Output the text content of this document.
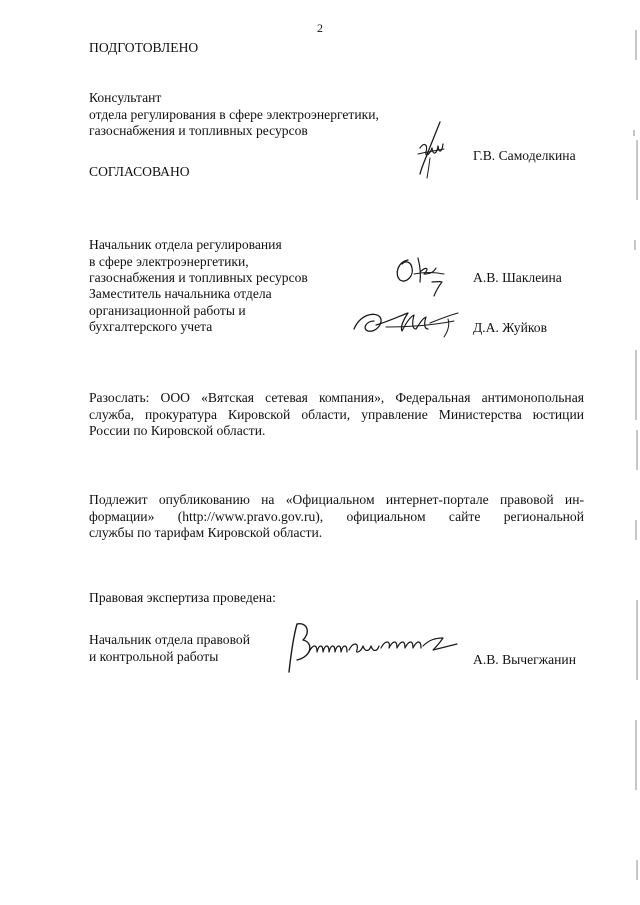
2
ПОДГОТОВЛЕНО
Консультант
отдела регулирования в сфере электроэнергетики,
газоснабжения и топливных ресурсов
Г.В. Самоделкина
СОГЛАСОВАНО
Начальник отдела регулирования
в сфере электроэнергетики,
газоснабжения и топливных ресурсов	А.В. Шаклеина
Заместитель начальника отдела
организационной работы и
бухгалтерского учета	Д.А. Жуйков
Разослать: ООО «Вятская сетевая компания», Федеральная антимонопольная
служба, прокуратура Кировской области, управление Министерства юстиции
России по Кировской области.
Подлежит опубликованию на «Официальном интернет-портале правовой ин-
формации» (http://www.pravo.gov.ru), официальном сайте региональной
службы по тарифам Кировской области.
Правовая экспертиза проведена:
Начальник отдела правовой
и контрольной работы	А.В. Вычегжанин
